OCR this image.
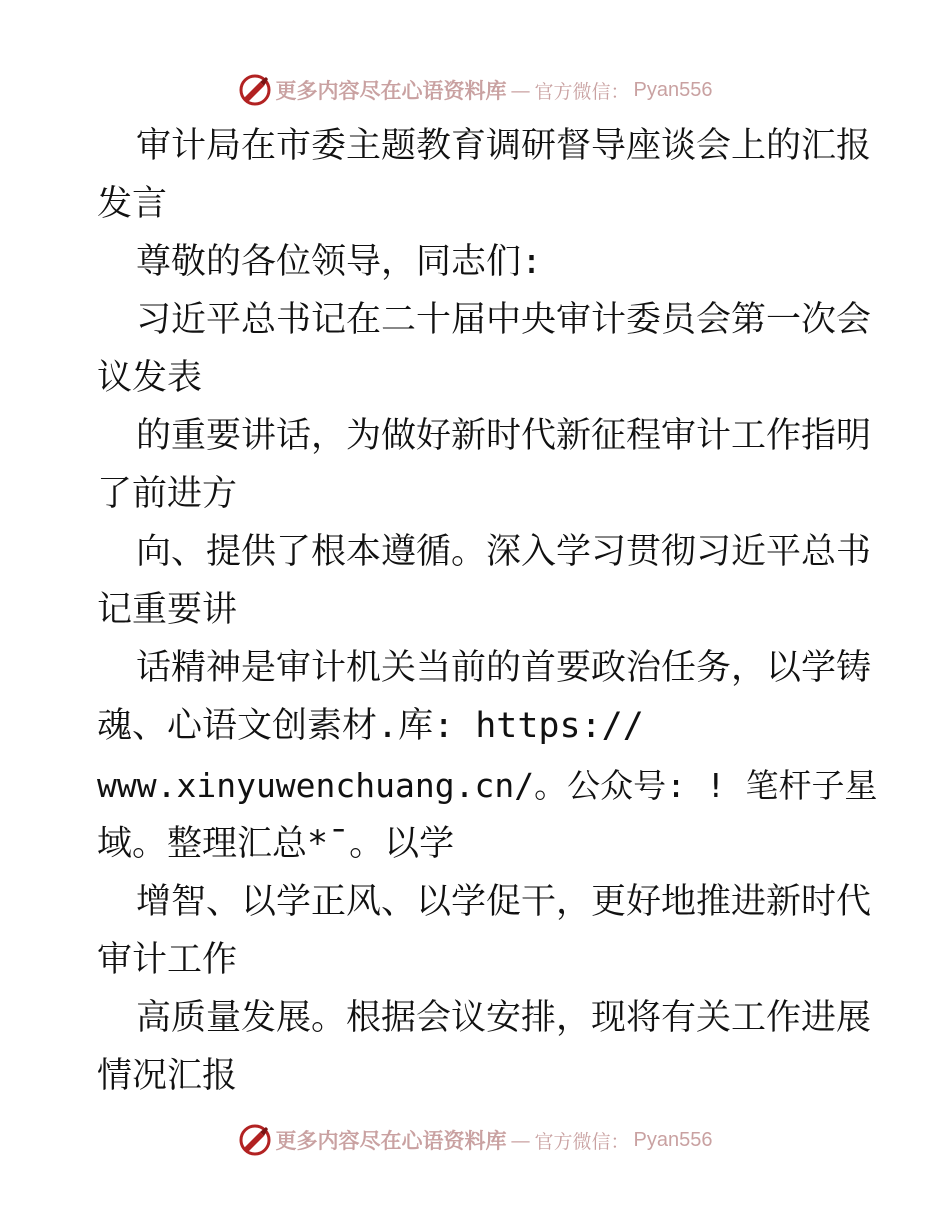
更多内容尽在心语资料库 — 官方微信： Pyan556
审计局在市委主题教育调研督导座谈会上的汇报
发言
尊敬的各位领导，同志们:
习近平总书记在二十届中央审计委员会第一次会
议发表
的重要讲话，为做好新时代新征程审计工作指明
了前进方
向、提供了根本遵循。深入学习贯彻习近平总书
记重要讲
话精神是审计机关当前的首要政治任务，以学铸
魂、心语文创素材.库: https://
www.xinyuwenchuang.cn/。公众号: ! 笔杆子星
域。整理汇总*¯。以学
增智、以学正风、以学促干，更好地推进新时代
审计工作
高质量发展。根据会议安排，现将有关工作进展
情况汇报
更多内容尽在心语资料库 — 官方微信： Pyan556
